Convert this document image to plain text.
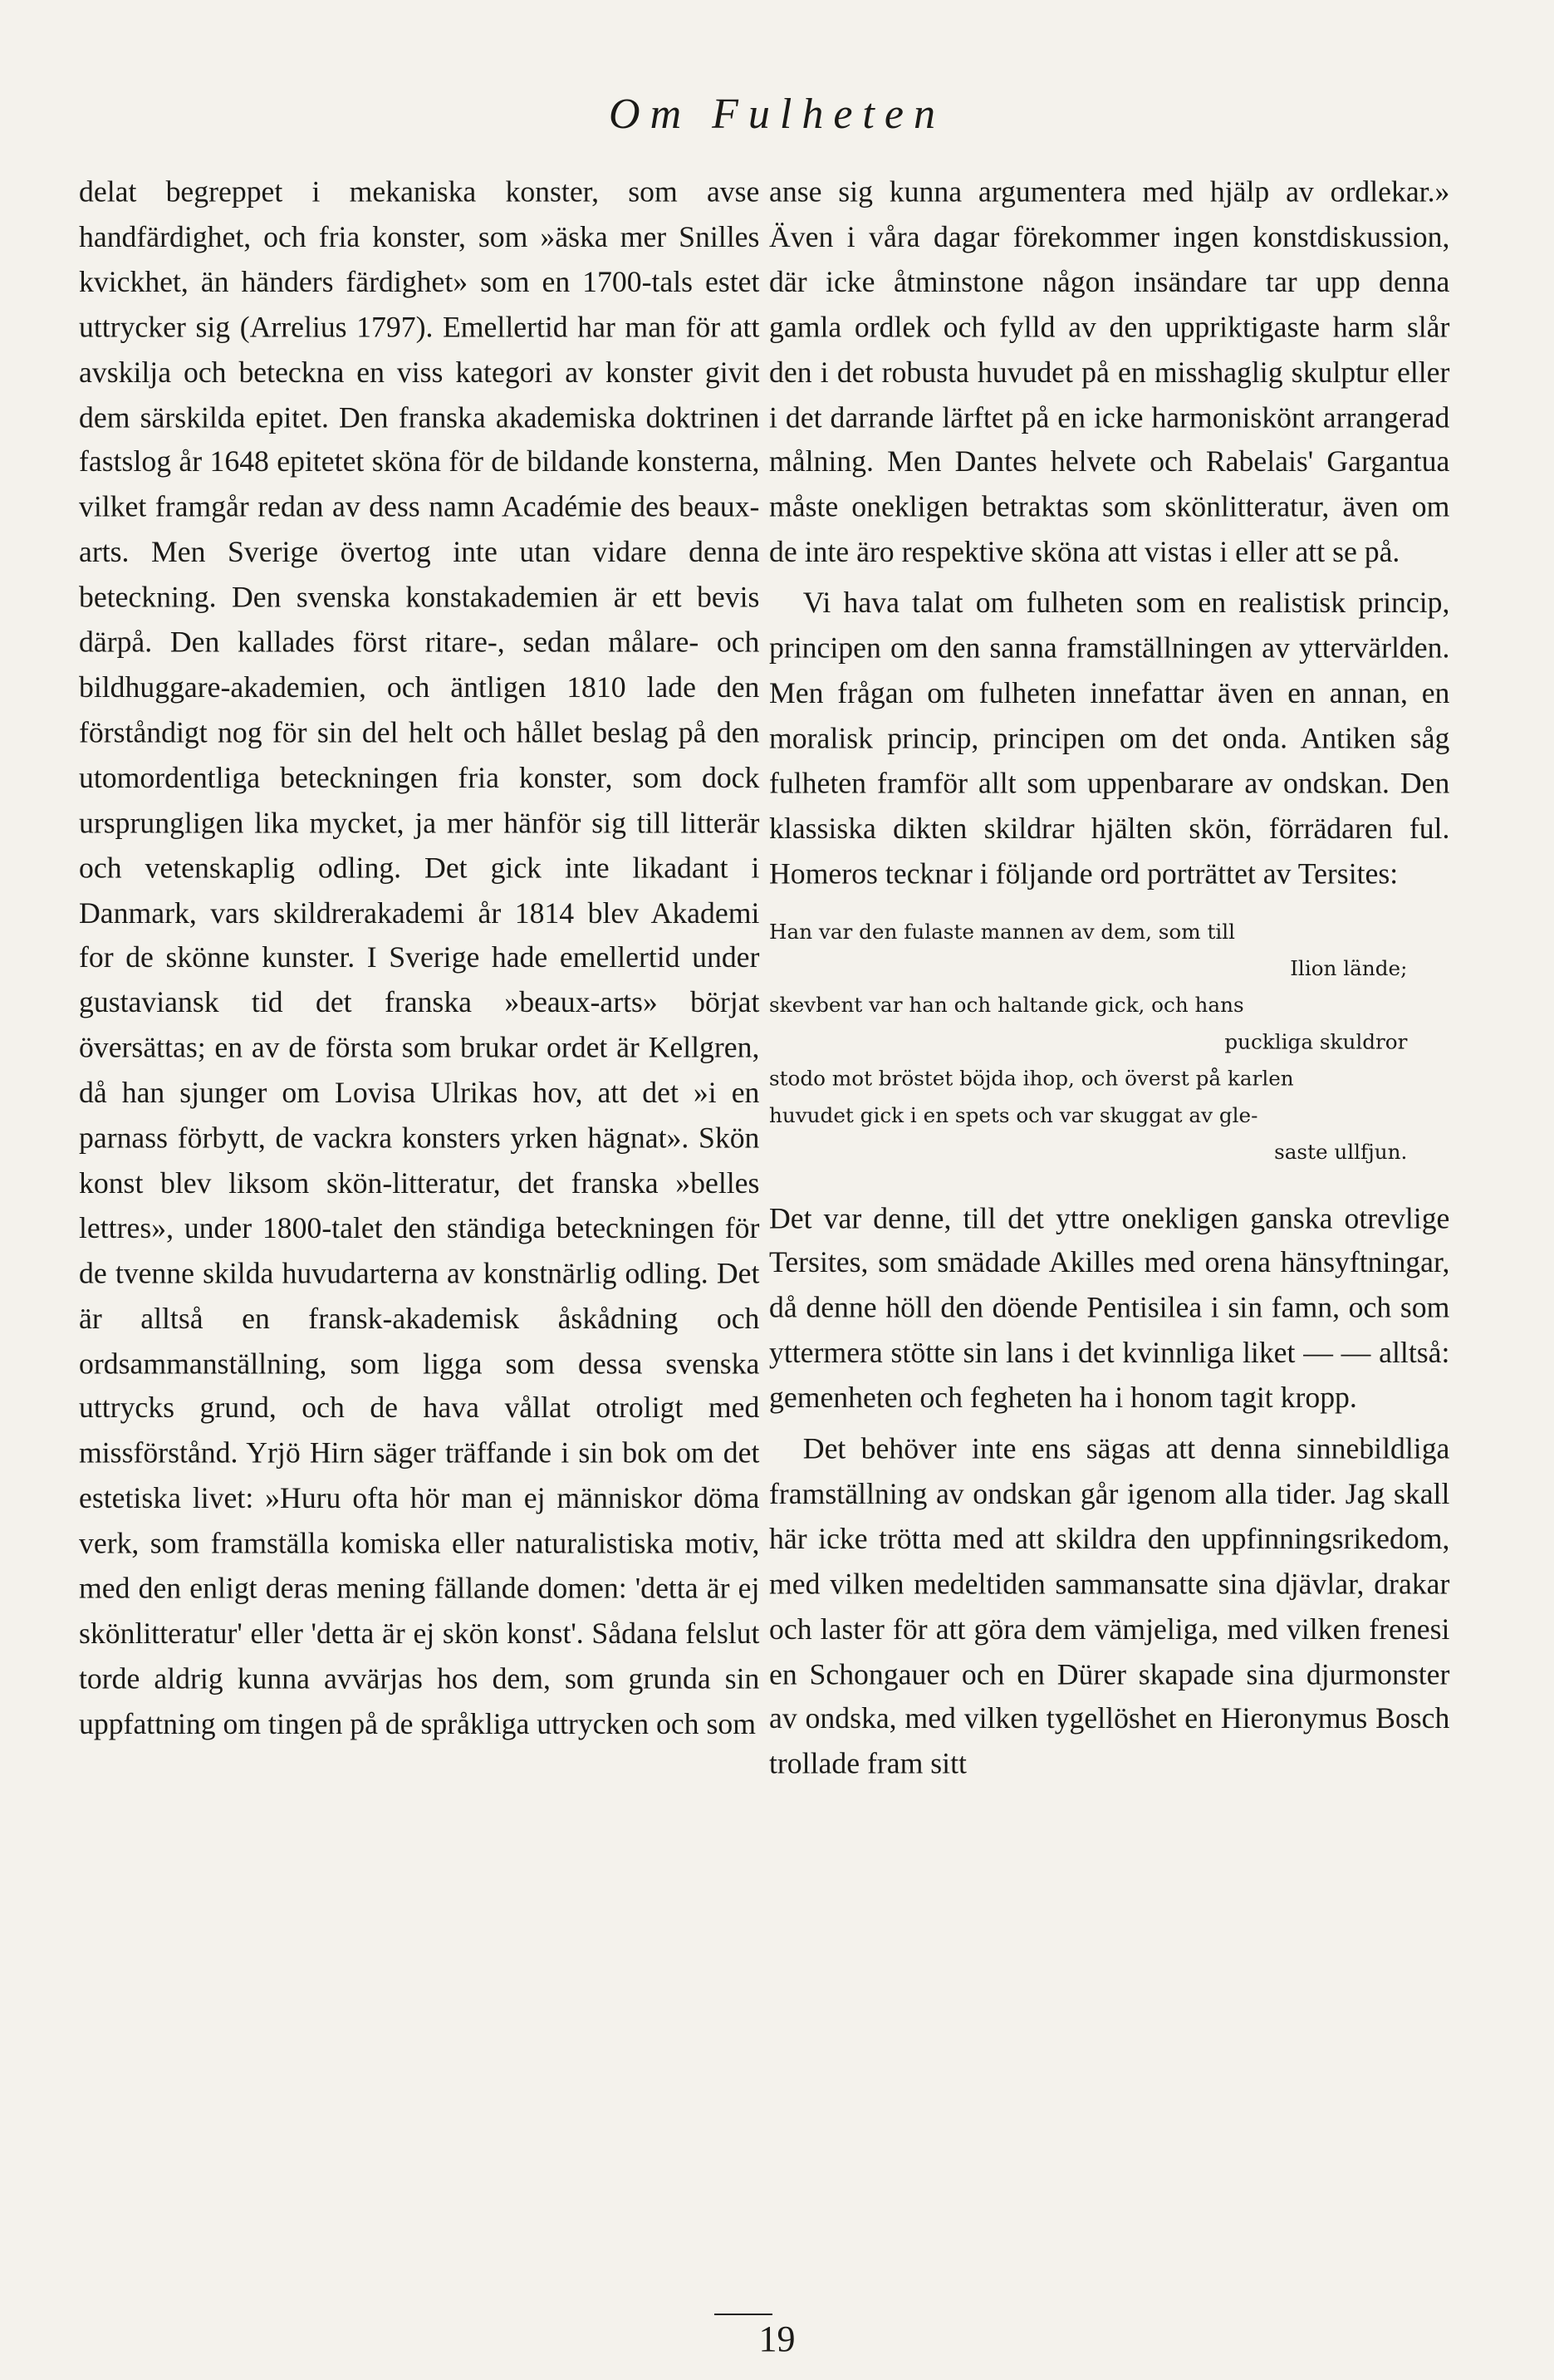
Om Fulheten

delat begreppet i mekaniska konster, som avse handfärdighet, och fria konster, som »äska mer Snilles kvickhet, än händers färdighet» som en 1700-tals estet uttrycker sig (Arrelius 1797). Emellertid har man för att avskilja och beteckna en viss kategori av konster givit dem särskilda epitet. Den franska akademiska doktrinen fastslog år 1648 epitetet sköna för de bildande konsterna, vilket framgår redan av dess namn Académie des beaux-arts. Men Sverige övertog inte utan vidare denna beteckning. Den svenska konstakademien är ett bevis därpå. Den kallades först ritare-, sedan målare- och bildhuggare-akademien, och äntligen 1810 lade den förståndigt nog för sin del helt och hållet beslag på den utomordentliga beteckningen fria konster, som dock ursprungligen lika mycket, ja mer hänför sig till litterär och vetenskaplig odling. Det gick inte likadant i Danmark, vars skildrerakademi år 1814 blev Akademi for de skönne kunster. I Sverige hade emellertid under gustaviansk tid det franska »beaux-arts» börjat översättas; en av de första som brukar ordet är Kellgren, då han sjunger om Lovisa Ulrikas hov, att det »i en parnass förbytt, de vackra konsters yrken hägnat». Skön konst blev liksom skön-litteratur, det franska »belles lettres», under 1800-talet den ständiga beteckningen för de tvenne skilda huvudarterna av konstnärlig odling. Det är alltså en fransk-akademisk åskådning och ordsammanställning, som ligga som dessa svenska uttrycks grund, och de hava vållat otroligt med missförstånd. Yrjö Hirn säger träffande i sin bok om det estetiska livet: »Huru ofta hör man ej människor döma verk, som framställa komiska eller naturalistiska motiv, med den enligt deras mening fällande domen: 'detta är ej skönlitteratur' eller 'detta är ej skön konst'. Sådana felslut torde aldrig kunna avvärjas hos dem, som grunda sin uppfattning om tingen på de språkliga uttrycken och som

anse sig kunna argumentera med hjälp av ordlekar.» Även i våra dagar förekommer ingen konstdiskussion, där icke åtminstone någon insändare tar upp denna gamla ordlek och fylld av den uppriktigaste harm slår den i det robusta huvudet på en misshaglig skulptur eller i det darrande lärftet på en icke harmoniskönt arrangerad målning. Men Dantes helvete och Rabelais' Gargantua måste onekligen betraktas som skönlitteratur, även om de inte äro respektive sköna att vistas i eller att se på.

Vi hava talat om fulheten som en realistisk princip, principen om den sanna framställningen av yttervärlden. Men frågan om fulheten innefattar även en annan, en moralisk princip, principen om det onda. Antiken såg fulheten framför allt som uppenbarare av ondskan. Den klassiska dikten skildrar hjälten skön, förrädaren ful. Homeros tecknar i följande ord porträttet av Tersites:

Han var den fulaste mannen av dem, som till
Ilion lände;
skevbent var han och haltande gick, och hans
puckliga skuldror
stodo mot bröstet böjda ihop, och överst på karlen
huvudet gick i en spets och var skuggat av gle-
saste ullfjun.

Det var denne, till det yttre onekligen ganska otrevlige Tersites, som smädade Akilles med orena hänsyftningar, då denne höll den döende Pentisilea i sin famn, och som yttermera stötte sin lans i det kvinnliga liket — — alltså: gemenheten och fegheten ha i honom tagit kropp.

Det behöver inte ens sägas att denna sinnebildliga framställning av ondskan går igenom alla tider. Jag skall här icke trötta med att skildra den uppfinningsrikedom, med vilken medeltiden sammansatte sina djävlar, drakar och laster för att göra dem vämjeliga, med vilken frenesi en Schongauer och en Dürer skapade sina djurmonster av ondska, med vilken tygellöshet en Hieronymus Bosch trollade fram sitt

19
